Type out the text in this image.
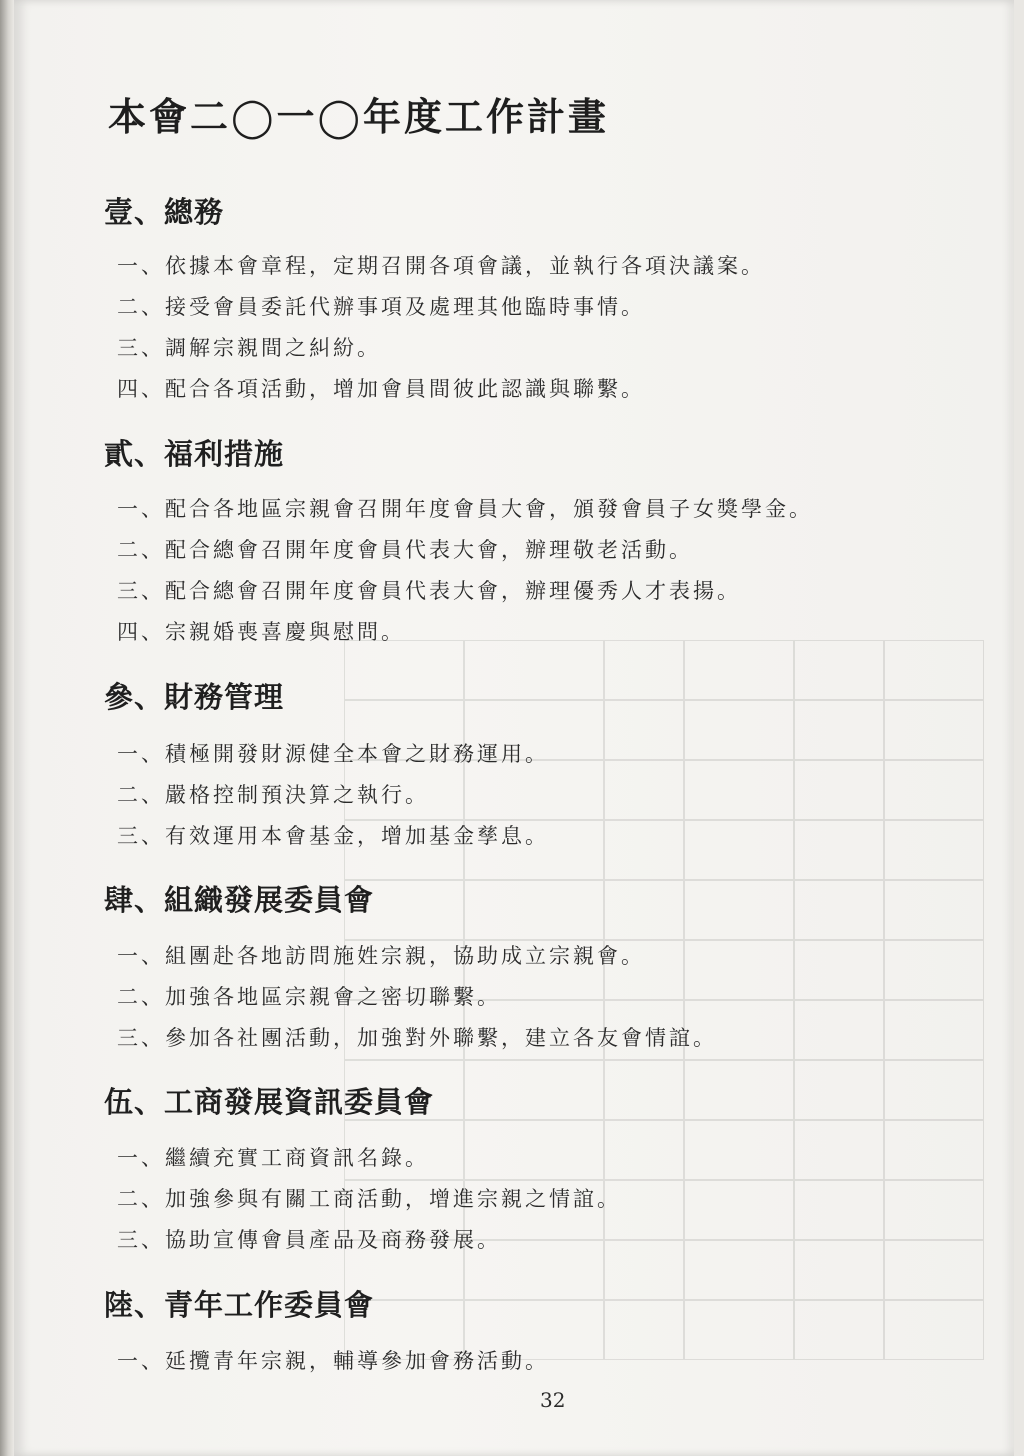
本會二◯一◯年度工作計畫
壹、總務
一、依據本會章程，定期召開各項會議，並執行各項決議案。
二、接受會員委託代辦事項及處理其他臨時事情。
三、調解宗親間之糾紛。
四、配合各項活動，增加會員間彼此認識與聯繫。
貳、福利措施
一、配合各地區宗親會召開年度會員大會，頒發會員子女獎學金。
二、配合總會召開年度會員代表大會，辦理敬老活動。
三、配合總會召開年度會員代表大會，辦理優秀人才表揚。
四、宗親婚喪喜慶與慰問。
參、財務管理
一、積極開發財源健全本會之財務運用。
二、嚴格控制預決算之執行。
三、有效運用本會基金，增加基金孳息。
肆、組織發展委員會
一、組團赴各地訪問施姓宗親，協助成立宗親會。
二、加強各地區宗親會之密切聯繫。
三、參加各社團活動，加強對外聯繫，建立各友會情誼。
伍、工商發展資訊委員會
一、繼續充實工商資訊名錄。
二、加強參與有關工商活動，增進宗親之情誼。
三、協助宣傳會員產品及商務發展。
陸、青年工作委員會
一、延攬青年宗親，輔導參加會務活動。
32
